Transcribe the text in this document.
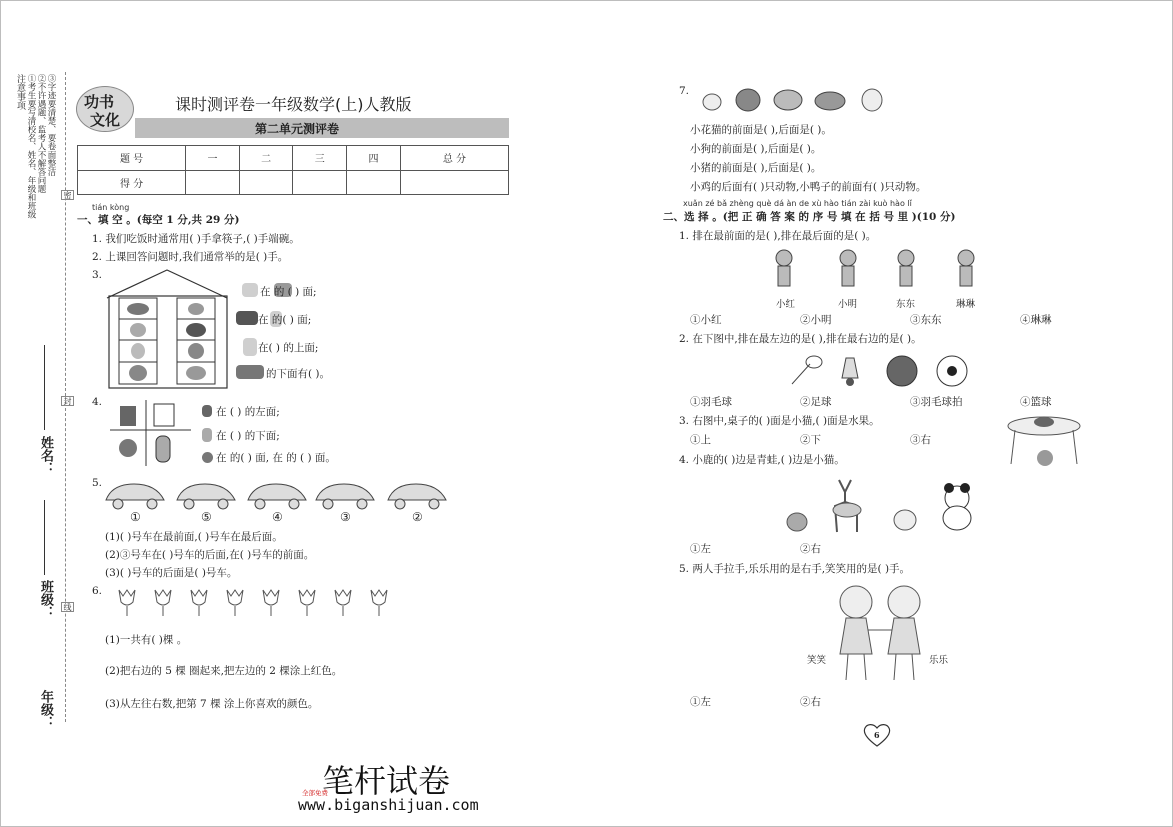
注意事项 ①考生要写清校名、姓名、年级和班级 ②不许遇题、监考人不解答问题 ③字迹要清楚、要卷面整洁
密
封
线
姓名：
班级：
年级：
功书
文化
课时测评卷一年级数学(上)人教版
第二单元测评卷
题 号	一	二	三	四	总 分
得 分					
tián kòng
一、填 空 。(每空 1 分,共 29 分)
1. 我们吃饭时通常用( )手拿筷子,( )手端碗。
2. 上课回答问题时,我们通常举的是( )手。
3.
在 的 ( ) 面;
在 的( ) 面;
在( ) 的上面;
的下面有( )。
4.
在 ( ) 的左面;
在 ( ) 的下面;
在 的( ) 面, 在 的 ( ) 面。
5.
①	⑤	④	③	②
(1)( )号车在最前面,( )号车在最后面。
(2)③号车在( )号车的后面,在( )号车的前面。
(3)( )号车的后面是( )号车。
6.
(1)一共有( )棵 。
(2)把右边的 5 棵 圈起来,把左边的 2 棵涂上红色。
(3)从左往右数,把第 7 棵 涂上你喜欢的颜色。
7.
小花猫的前面是( ),后面是( )。
小狗的前面是( ),后面是( )。
小猪的前面是( ),后面是( )。
小鸡的后面有( )只动物,小鸭子的前面有( )只动物。
xuǎn zé bǎ zhèng què dá àn de xù hào tián zài kuò hào lǐ
二、选 择 。(把 正 确 答 案 的 序 号 填 在 括 号 里 )(10 分)
1. 排在最前面的是( ),排在最后面的是( )。
小红	小明	东东	琳琳
①小红	②小明	③东东	④琳琳
2. 在下图中,排在最左边的是( ),排在最右边的是( )。
①羽毛球	②足球	③羽毛球拍	④篮球
3. 右图中,桌子的( )面是小猫,( )面是水果。
①上	②下	③右
4. 小鹿的( )边是青蛙,( )边是小猫。
①左	②右
5. 两人手拉手,乐乐用的是右手,笑笑用的是( )手。
笑笑	乐乐
①左	②右
6
全部免费
笔杆试卷
www.biganshijuan.com
